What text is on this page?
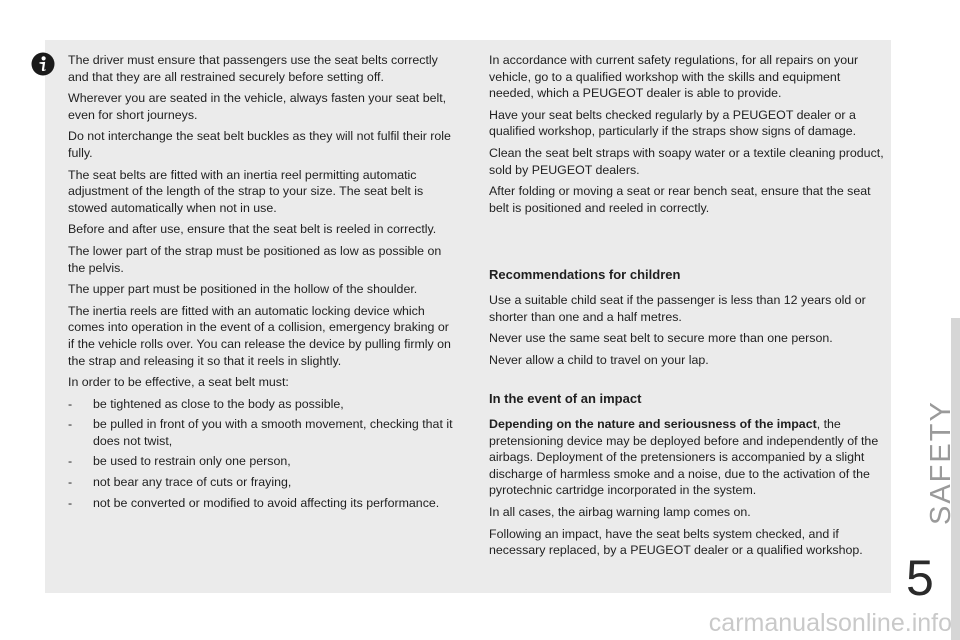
The driver must ensure that passengers use the seat belts correctly and that they are all restrained securely before setting off.

Wherever you are seated in the vehicle, always fasten your seat belt, even for short journeys.

Do not interchange the seat belt buckles as they will not fulfil their role fully.

The seat belts are fitted with an inertia reel permitting automatic adjustment of the length of the strap to your size. The seat belt is stowed automatically when not in use.

Before and after use, ensure that the seat belt is reeled in correctly.

The lower part of the strap must be positioned as low as possible on the pelvis.

The upper part must be positioned in the hollow of the shoulder.

The inertia reels are fitted with an automatic locking device which comes into operation in the event of a collision, emergency braking or if the vehicle rolls over. You can release the device by pulling firmly on the strap and releasing it so that it reels in slightly.

In order to be effective, a seat belt must:

- be tightened as close to the body as possible,
- be pulled in front of you with a smooth movement, checking that it does not twist,
- be used to restrain only one person,
- not bear any trace of cuts or fraying,
- not be converted or modified to avoid affecting its performance.

In accordance with current safety regulations, for all repairs on your vehicle, go to a qualified workshop with the skills and equipment needed, which a PEUGEOT dealer is able to provide.

Have your seat belts checked regularly by a PEUGEOT dealer or a qualified workshop, particularly if the straps show signs of damage.

Clean the seat belt straps with soapy water or a textile cleaning product, sold by PEUGEOT dealers.

After folding or moving a seat or rear bench seat, ensure that the seat belt is positioned and reeled in correctly.

Recommendations for children

Use a suitable child seat if the passenger is less than 12 years old or shorter than one and a half metres.

Never use the same seat belt to secure more than one person.

Never allow a child to travel on your lap.

In the event of an impact

Depending on the nature and seriousness of the impact, the pretensioning device may be deployed before and independently of the airbags. Deployment of the pretensioners is accompanied by a slight discharge of harmless smoke and a noise, due to the activation of the pyrotechnic cartridge incorporated in the system.

In all cases, the airbag warning lamp comes on.

Following an impact, have the seat belts system checked, and if necessary replaced, by a PEUGEOT dealer or a qualified workshop.

SAFETY
5
carmanualsonline.info
